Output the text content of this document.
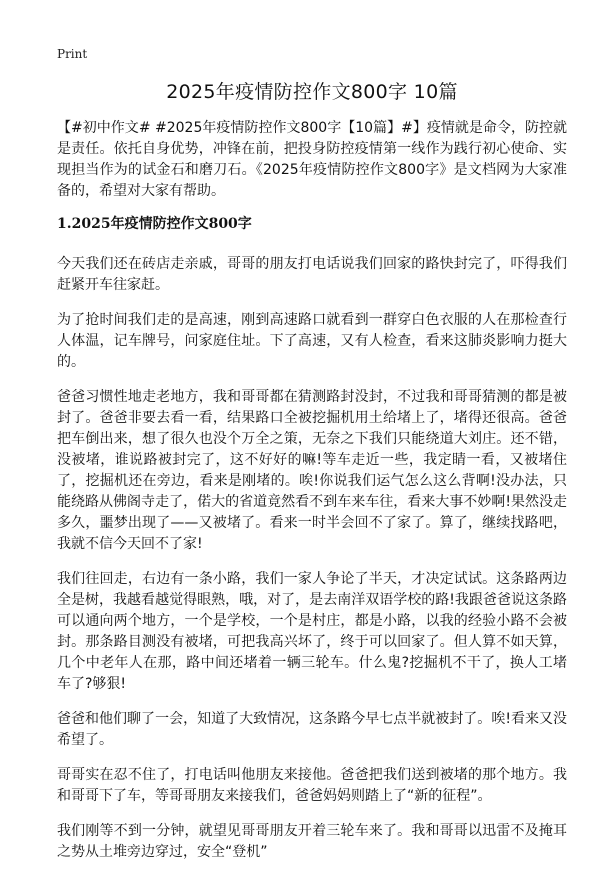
Print
2025年疫情防控作文800字 10篇

【#初中作文# #2025年疫情防控作文800字【10篇】#】疫情就是命令，防控就是责任。依托自身优势，冲锋在前，把投身防控疫情第一线作为践行初心使命、实现担当作为的试金石和磨刀石。《2025年疫情防控作文800字》是文档网为大家准备的，希望对大家有帮助。

1.2025年疫情防控作文800字

今天我们还在砖店走亲戚，哥哥的朋友打电话说我们回家的路快封完了，吓得我们赶紧开车往家赶。

为了抢时间我们走的是高速，刚到高速路口就看到一群穿白色衣服的人在那检查行人体温，记车牌号，问家庭住址。下了高速，又有人检查，看来这肺炎影响力挺大的。

爸爸习惯性地走老地方，我和哥哥都在猜测路封没封，不过我和哥哥猜测的都是被封了。爸爸非要去看一看，结果路口全被挖掘机用土给堵上了，堵得还很高。爸爸把车倒出来，想了很久也没个万全之策，无奈之下我们只能绕道大刘庄。还不错，没被堵，谁说路被封完了，这不好好的嘛!等车走近一些，我定睛一看，又被堵住了，挖掘机还在旁边，看来是刚堵的。唉!你说我们运气怎么这么背啊!没办法，只能绕路从佛阁寺走了，偌大的省道竟然看不到车来车往，看来大事不妙啊!果然没走多久，噩梦出现了——又被堵了。看来一时半会回不了家了。算了，继续找路吧，我就不信今天回不了家!

我们往回走，右边有一条小路，我们一家人争论了半天，才决定试试。这条路两边全是树，我越看越觉得眼熟，哦，对了，是去南洋双语学校的路!我跟爸爸说这条路可以通向两个地方，一个是学校，一个是村庄，都是小路，以我的经验小路不会被封。那条路目测没有被堵，可把我高兴坏了，终于可以回家了。但人算不如天算，几个中老年人在那，路中间还堵着一辆三轮车。什么鬼?挖掘机不干了，换人工堵车了?够狠!

爸爸和他们聊了一会，知道了大致情况，这条路今早七点半就被封了。唉!看来又没希望了。

哥哥实在忍不住了，打电话叫他朋友来接他。爸爸把我们送到被堵的那个地方。我和哥哥下了车，等哥哥朋友来接我们，爸爸妈妈则踏上了“新的征程”。

我们刚等不到一分钟，就望见哥哥朋友开着三轮车来了。我和哥哥以迅雷不及掩耳之势从土堆旁边穿过，安全“登机”
